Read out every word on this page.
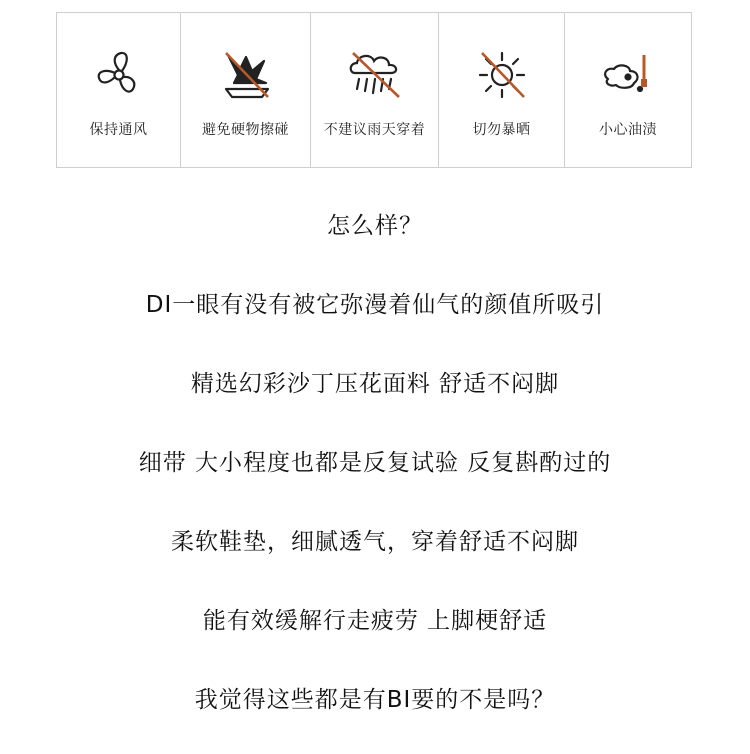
保持通风	避免硬物擦碰 不建议雨天穿着	切勿暴晒	小心油渍
怎么样？
DI一眼有没有被它弥漫着仙气的颜值所吸引
精选幻彩沙丁压花面料 舒适不闷脚
细带 大小程度也都是反复试验 反复斟酌过的
柔软鞋垫，细腻透气，穿着舒适不闷脚
能有效缓解行走疲劳 上脚梗舒适
我觉得这些都是有BI要的不是吗？
